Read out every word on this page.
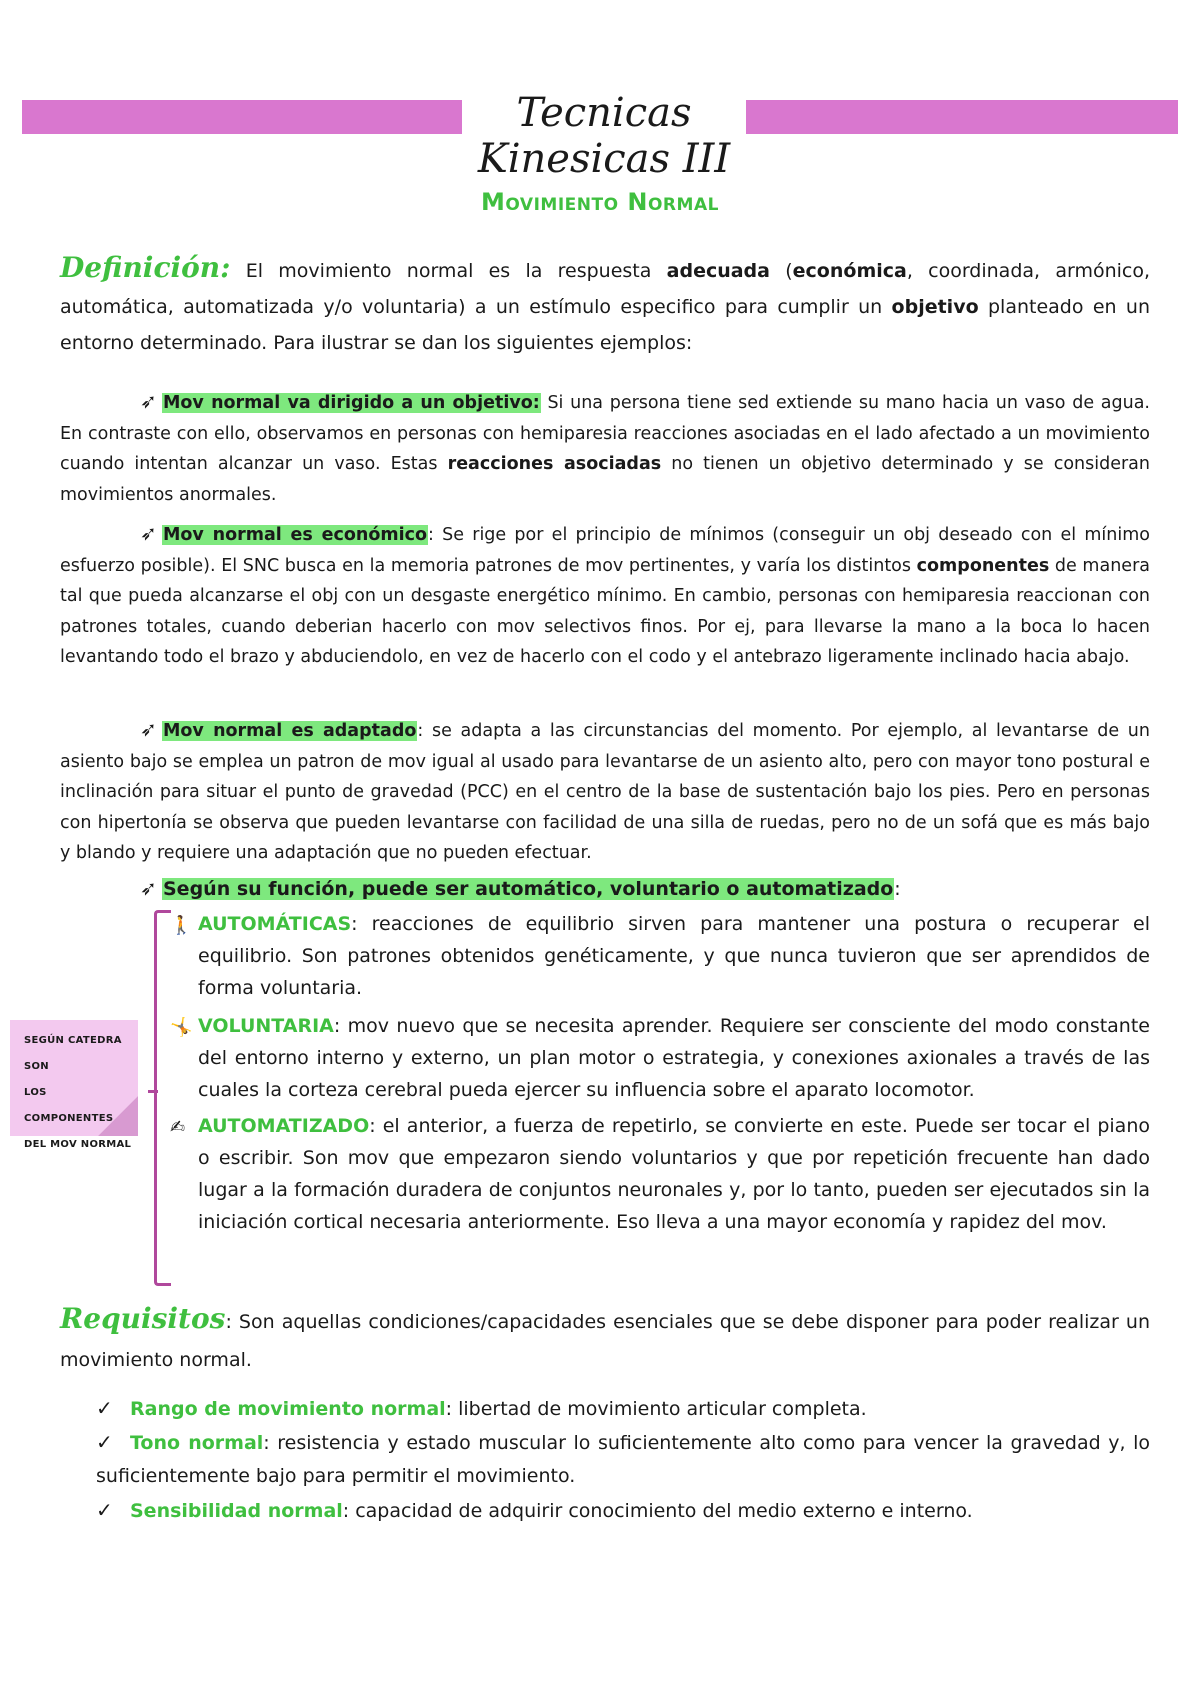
Tecnicas Kinesicas III
Movimiento Normal
Definición: El movimiento normal es la respuesta adecuada (económica, coordinada, armónico, automática, automatizada y/o voluntaria) a un estímulo especifico para cumplir un objetivo planteado en un entorno determinado. Para ilustrar se dan los siguientes ejemplos:
➶ Mov normal va dirigido a un objetivo: Si una persona tiene sed extiende su mano hacia un vaso de agua. En contraste con ello, observamos en personas con hemiparesia reacciones asociadas en el lado afectado a un movimiento cuando intentan alcanzar un vaso. Estas reacciones asociadas no tienen un objetivo determinado y se consideran movimientos anormales.
➶ Mov normal es económico: Se rige por el principio de mínimos (conseguir un obj deseado con el mínimo esfuerzo posible). El SNC busca en la memoria patrones de mov pertinentes, y varía los distintos componentes de manera tal que pueda alcanzarse el obj con un desgaste energético mínimo. En cambio, personas con hemiparesia reaccionan con patrones totales, cuando deberian hacerlo con mov selectivos finos. Por ej, para llevarse la mano a la boca lo hacen levantando todo el brazo y abduciendolo, en vez de hacerlo con el codo y el antebrazo ligeramente inclinado hacia abajo.
➶ Mov normal es adaptado: se adapta a las circunstancias del momento. Por ejemplo, al levantarse de un asiento bajo se emplea un patron de mov igual al usado para levantarse de un asiento alto, pero con mayor tono postural e inclinación para situar el punto de gravedad (PCC) en el centro de la base de sustentación bajo los pies. Pero en personas con hipertonía se observa que pueden levantarse con facilidad de una silla de ruedas, pero no de un sofá que es más bajo y blando y requiere una adaptación que no pueden efectuar.
➶ Según su función, puede ser automático, voluntario o automatizado:
SEGÚN CATEDRA SON
LOS COMPONENTES
DEL MOV NORMAL
🚶 AUTOMÁTICAS: reacciones de equilibrio sirven para mantener una postura o recuperar el equilibrio. Son patrones obtenidos genéticamente, y que nunca tuvieron que ser aprendidos de forma voluntaria.
🤸 VOLUNTARIA: mov nuevo que se necesita aprender. Requiere ser consciente del modo constante del entorno interno y externo, un plan motor o estrategia, y conexiones axionales a través de las cuales la corteza cerebral pueda ejercer su influencia sobre el aparato locomotor.
✍ AUTOMATIZADO: el anterior, a fuerza de repetirlo, se convierte en este. Puede ser tocar el piano o escribir. Son mov que empezaron siendo voluntarios y que por repetición frecuente han dado lugar a la formación duradera de conjuntos neuronales y, por lo tanto, pueden ser ejecutados sin la iniciación cortical necesaria anteriormente. Eso lleva a una mayor economía y rapidez del mov.
Requisitos: Son aquellas condiciones/capacidades esenciales que se debe disponer para poder realizar un movimiento normal.
✓ Rango de movimiento normal: libertad de movimiento articular completa.
✓ Tono normal: resistencia y estado muscular lo suficientemente alto como para vencer la gravedad y, lo suficientemente bajo para permitir el movimiento.
✓ Sensibilidad normal: capacidad de adquirir conocimiento del medio externo e interno.
